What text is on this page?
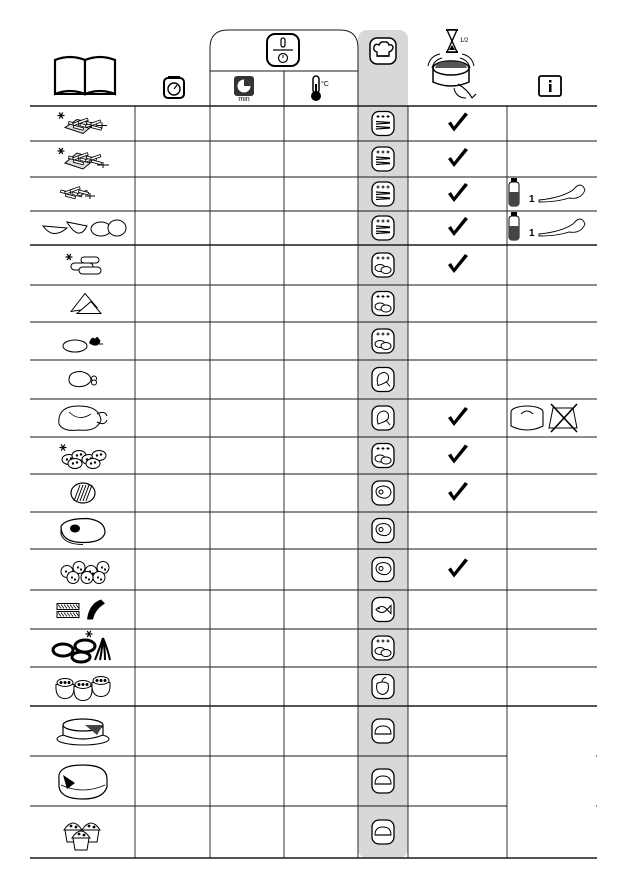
min
°C
1/2
1
1
